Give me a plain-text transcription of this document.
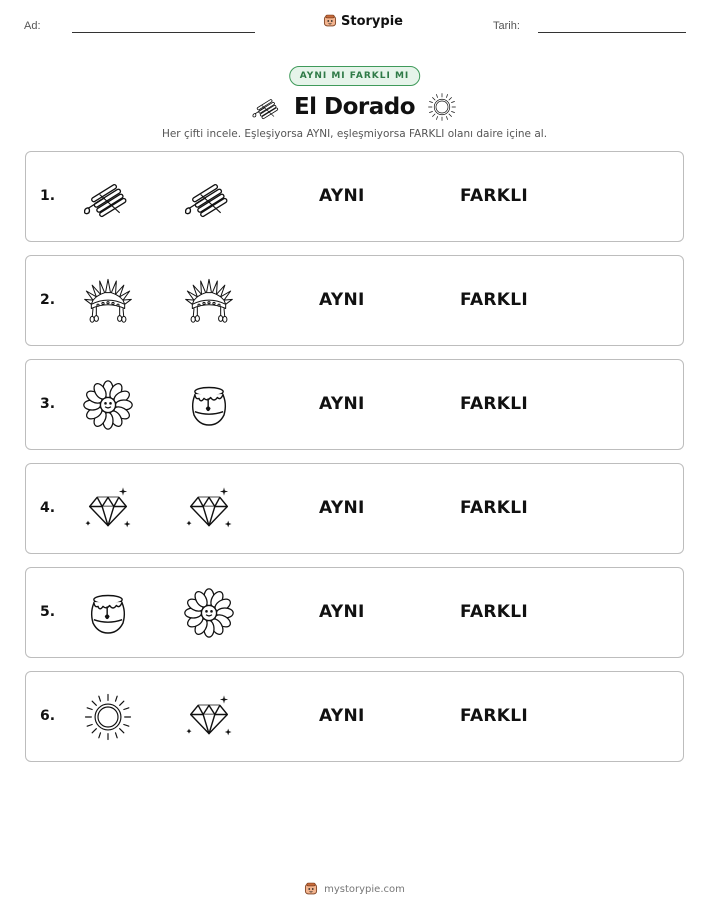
Ad:	Storypie	Tarih:
AYNI MI FARKLI MI
El Dorado
Her çifti incele. Eşleşiyorsa AYNI, eşleşmiyorsa FARKLI olanı daire içine al.
1.	AYNI	FARKLI
2.	AYNI	FARKLI
3.	AYNI	FARKLI
4.	AYNI	FARKLI
5.	AYNI	FARKLI
6.	AYNI	FARKLI
mystorypie.com
